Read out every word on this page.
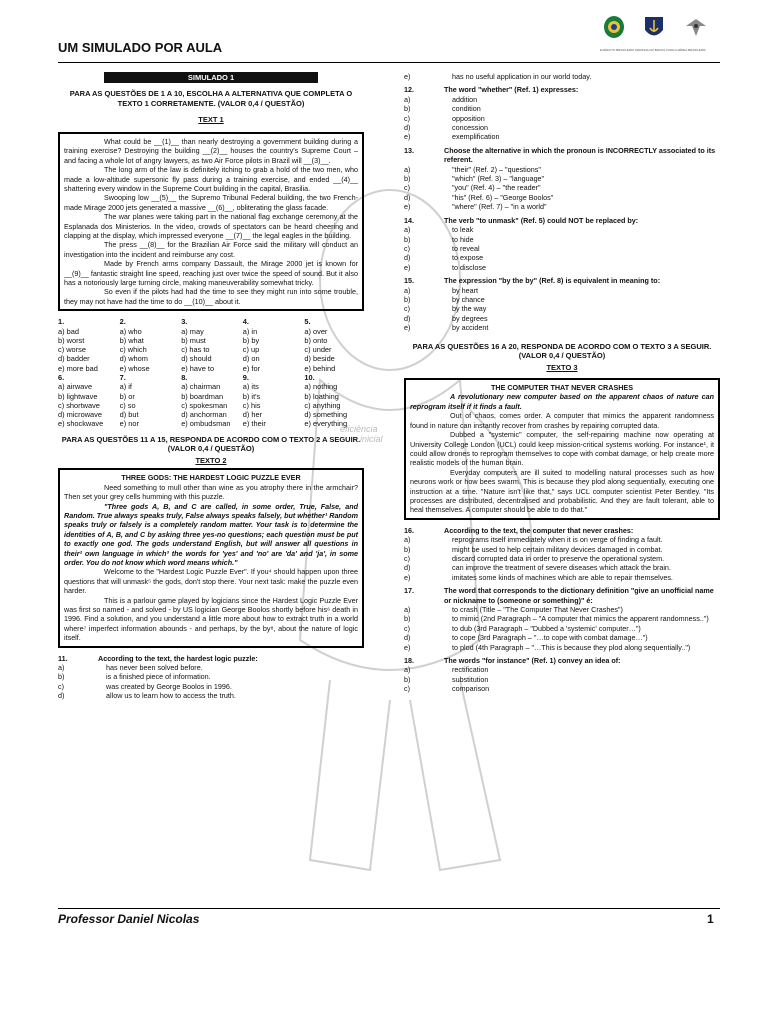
eficiência
inicial
UM SIMULADO POR AULA	EXÉRCITO BRASILEIRO MARINHA DO BRASIL FORÇA AÉREA BRASILEIRA
SIMULADO 1
PARA AS QUESTÕES DE 1 A 10, ESCOLHA A ALTERNATIVA QUE COMPLETA O TEXTO 1 CORRETAMENTE. (VALOR 0,4 / QUESTÃO)
TEXT 1

What could be __(1)__ than nearly destroying a government building during a training exercise? Destroying the building __(2)__ houses the country's Supreme Court – and facing a whole lot of angry lawyers, as two Air Force pilots in Brazil will __(3)__.

The long arm of the law is definitely itching to grab a hold of the two men, who made a low-altitude supersonic fly pass during a training exercise, and ended __(4)__ shattering every window in the Supreme Court building in the capital, Brasilia.

Swooping low __(5)__ the Supremo Tribunal Federal building, the two French-made Mirage 2000 jets generated a massive __(6)__, obliterating the glass facade.

The war planes were taking part in the national flag exchange ceremony at the Esplanada dos Ministerios. In the video, crowds of spectators can be heard cheering and clapping at the display, which impressed everyone __(7)__ the legal eagles in the building.

The press __(8)__ for the Brazilian Air Force said the military will conduct an investigation into the incident and reimburse any cost.

Made by French arms company Dassault, the Mirage 2000 jet is known for __(9)__ fantastic straight line speed, reaching just over twice the speed of sound. But it also has a notoriously large turning circle, making maneuverability somewhat tricky.

So even if the pilots had had the time to see they might run into some trouble, they may not have had the time to do __(10)__ about it.

1.
a) bad
b) worst
c) worse
d) badder
e) more bad
2.
a) who
b) what
c) which
d) whom
e) whose
3.
a) may
b) must
c) has to
d) should
e) have to
4.
a) in
b) by
c) up
d) on
e) for
5.
a) over
b) onto
c) under
d) beside
e) behind
6.
a) airwave
b) lightwave
c) shortwave
d) microwave
e) shockwave
7.
a) if
b) or
c) so
d) but
e) nor
8.
a) chairman
b) boardman
c) spokesman
d) anchorman
e) ombudsman
9.
a) its
b) it's
c) his
d) her
e) their
10.
a) nothing
b) loathing
c) anything
d) something
e) everything
PARA AS QUESTÕES 11 A 15, RESPONDA DE ACORDO COM O TEXTO 2 A SEGUIR. (VALOR 0,4 / QUESTÃO)
TEXTO 2

THREE GODS: THE HARDEST LOGIC PUZZLE EVER

Need something to mull other than wine as you atrophy there in the armchair? Then set your grey cells humming with this puzzle.

"Three gods A, B, and C are called, in some order, True, False, and Random. True always speaks truly, False always speaks falsely, but whether¹ Random speaks truly or falsely is a completely random matter. Your task is to determine the identities of A, B, and C by asking three yes-no questions; each question must be put to exactly one god. The gods understand English, but will answer all questions in their² own language in which³ the words for 'yes' and 'no' are 'da' and 'ja', in some order. You do not know which word means which."

Welcome to the "Hardest Logic Puzzle Ever". If you⁴ should happen upon three questions that will unmask⁵ the gods, don't stop there. Your next task: make the puzzle even harder.

This is a parlour game played by logicians since the Hardest Logic Puzzle Ever was first so named - and solved - by US logician George Boolos shortly before his⁶ death in 1996. Find a solution, and you understand a little more about how to extract truth in a world where⁷ imperfect information abounds - and perhaps, by the by⁸, about the nature of logic itself.

11.	According to the text, the hardest logic puzzle:
a)	has never been solved before.
b)	is a finished piece of information.
c)	was created by George Boolos in 1996.
d)	allow us to learn how to access the truth.
e)	has no useful application in our world today.
12.	The word "whether" (Ref. 1) expresses:
a)	addition
b)	condition
c)	opposition
d)	concession
e)	exemplification
13.	Choose the alternative in which the pronoun is INCORRECTLY associated to its referent.
a)	"their" (Ref. 2) – "questions"
b)	"which" (Ref. 3) – "language"
c)	"you" (Ref. 4) – "the reader"
d)	"his" (Ref. 6) – "George Boolos"
e)	"where" (Ref. 7) – "in a world"
14.	The verb "to unmask" (Ref. 5) could NOT be replaced by:
a)	to leak
b)	to hide
c)	to reveal
d)	to expose
e)	to disclose
15.	The expression "by the by" (Ref. 8) is equivalent in meaning to:
a)	by heart
b)	by chance
c)	by the way
d)	by degrees
e)	by accident
PARA AS QUESTÕES 16 A 20, RESPONDA DE ACORDO COM O TEXTO 3 A SEGUIR. (VALOR 0,4 / QUESTÃO)
TEXTO 3

THE COMPUTER THAT NEVER CRASHES

A revolutionary new computer based on the apparent chaos of nature can reprogram itself if it finds a fault.

Out of chaos, comes order. A computer that mimics the apparent randomness found in nature can instantly recover from crashes by repairing corrupted data.

Dubbed a "systemic" computer, the self-repairing machine now operating at University College London (UCL) could keep mission-critical systems working. For instance¹, it could allow drones to reprogram themselves to cope with combat damage, or help create more realistic models of the human brain.

Everyday computers are ill suited to modelling natural processes such as how neurons work or how bees swarm. This is because they plod along sequentially, executing one instruction at a time. "Nature isn't like that," says UCL computer scientist Peter Bentley. "Its processes are distributed, decentralised and probabilistic. And they are fault tolerant, able to heal themselves. A computer should be able to do that."

16.	According to the text, the computer that never crashes:
a)	reprograms itself immediately when it is on verge of finding a fault.
b)	might be used to help certain military devices damaged in combat.
c)	discard corrupted data in order to preserve the operational system.
d)	can improve the treatment of severe diseases which attack the brain.
e)	imitates some kinds of machines which are able to repair themselves.
17.	The word that corresponds to the dictionary definition "give an unofficial name or nickname to (someone or something)" é:
a)	to crash (Title – "The Computer That Never Crashes")
b)	to mimic (2nd Paragraph – "A computer that mimics the apparent randomness..")
c)	to dub (3rd Paragraph – "Dubbed a 'systemic' computer…")
d)	to cope (3rd Paragraph – "…to cope with combat damage…")
e)	to plod (4th Paragraph – "…This is because they plod along sequentially..")
18.	The words "for instance" (Ref. 1) convey an idea of:
a)	rectification
b)	substitution
c)	comparison
Professor Daniel Nicolas	1
